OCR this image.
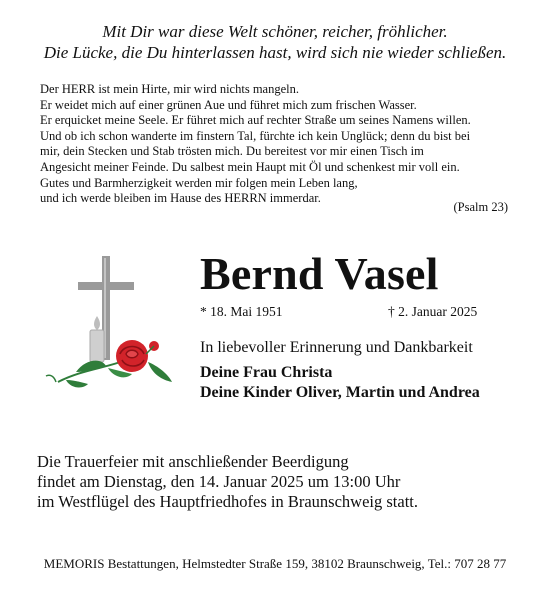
Mit Dir war diese Welt schöner, reicher, fröhlicher.
Die Lücke, die Du hinterlassen hast, wird sich nie wieder schließen.
Der HERR ist mein Hirte, mir wird nichts mangeln.
Er weidet mich auf einer grünen Aue und führet mich zum frischen Wasser.
Er erquicket meine Seele. Er führet mich auf rechter Straße um seines Namens willen.
Und ob ich schon wanderte im finstern Tal, fürchte ich kein Unglück; denn du bist bei
mir, dein Stecken und Stab trösten mich. Du bereitest vor mir einen Tisch im
Angesicht meiner Feinde. Du salbest mein Haupt mit Öl und schenkest mir voll ein.
Gutes und Barmherzigkeit werden mir folgen mein Leben lang,
und ich werde bleiben im Hause des HERRN immerdar.
(Psalm 23)
Bernd Vasel
* 18. Mai 1951	† 2. Januar 2025
In liebevoller Erinnerung und Dankbarkeit
Deine Frau Christa
Deine Kinder Oliver, Martin und Andrea
Die Trauerfeier mit anschließender Beerdigung
findet am Dienstag, den 14. Januar 2025 um 13:00 Uhr
im Westflügel des Hauptfriedhofes in Braunschweig statt.
MEMORIS Bestattungen, Helmstedter Straße 159, 38102 Braunschweig, Tel.: 707 28 77
